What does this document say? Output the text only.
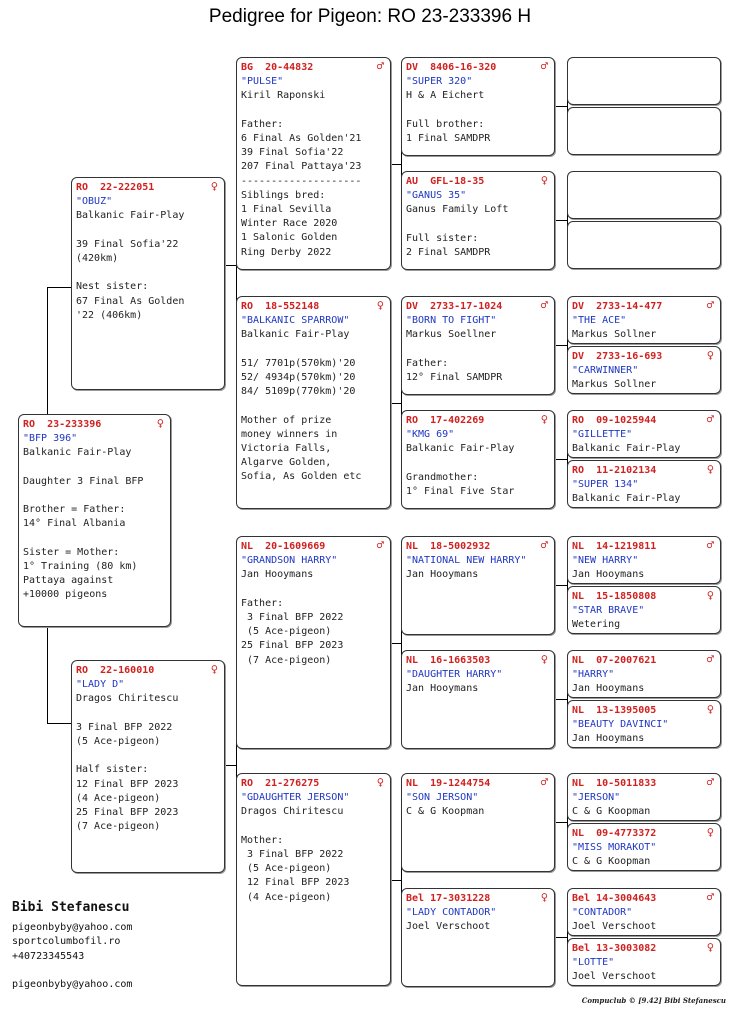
Pedigree for Pigeon: RO 23-233396 H
RO  23-233396	♀
"BFP 396"
Balkanic Fair-Play
Daughter 3 Final BFP
Brother = Father:
14° Final Albania
Sister = Mother:
1° Training (80 km)
Pattaya against
+10000 pigeons
RO  22-222051	♀
"OBUZ"
Balkanic Fair-Play
39 Final Sofia'22
(420km)
Nest sister:
67 Final As Golden
'22 (406km)
RO  22-160010	♀
"LADY D"
Dragos Chiritescu
3 Final BFP 2022
(5 Ace-pigeon)
Half sister:
12 Final BFP 2023
(4 Ace-pigeon)
25 Final BFP 2023
(7 Ace-pigeon)
BG  20-44832	♂
"PULSE"
Kiril Raponski
Father:
6 Final As Golden'21
39 Final Sofia'22
207 Final Pattaya'23
--------------------
Siblings bred:
1 Final Sevilla
Winter Race 2020
1 Salonic Golden
Ring Derby 2022
RO  18-552148	♀
"BALKANIC SPARROW"
Balkanic Fair-Play
51/ 7701p(570km)'20
52/ 4934p(570km)'20
84/ 5109p(770km)'20
Mother of prize
money winners in
Victoria Falls,
Algarve Golden,
Sofia, As Golden etc
NL  20-1609669	♂
"GRANDSON HARRY"
Jan Hooymans
Father:
3 Final BFP 2022
(5 Ace-pigeon)
25 Final BFP 2023
(7 Ace-pigeon)
RO  21-276275	♀
"GDAUGHTER JERSON"
Dragos Chiritescu
Mother:
3 Final BFP 2022
(5 Ace-pigeon)
12 Final BFP 2023
(4 Ace-pigeon)
DV  8406-16-320	♂
"SUPER 320"
H & A Eichert
Full brother:
1 Final SAMDPR
AU  GFL-18-35	♀
"GANUS 35"
Ganus Family Loft
Full sister:
2 Final SAMDPR
DV  2733-17-1024	♂
"BORN TO FIGHT"
Markus Soellner
Father:
12° Final SAMDPR
RO  17-402269	♀
"KMG 69"
Balkanic Fair-Play
Grandmother:
1° Final Five Star
NL  18-5002932	♂
"NATIONAL NEW HARRY"
Jan Hooymans
NL  16-1663503	♀
"DAUGHTER HARRY"
Jan Hooymans
NL  19-1244754	♂
"SON JERSON"
C & G Koopman
Bel 17-3031228	♀
"LADY CONTADOR"
Joel Verschoot
DV  2733-14-477	♂
"THE ACE"
Markus Sollner
DV  2733-16-693	♀
"CARWINNER"
Markus Sollner
RO  09-1025944	♂
"GILLETTE"
Balkanic Fair-Play
RO  11-2102134	♀
"SUPER 134"
Balkanic Fair-Play
NL  14-1219811	♂
"NEW HARRY"
Jan Hooymans
NL  15-1850808	♀
"STAR BRAVE"
Wetering
NL  07-2007621	♂
"HARRY"
Jan Hooymans
NL  13-1395005	♀
"BEAUTY DAVINCI"
Jan Hooymans
NL  10-5011833	♂
"JERSON"
C & G Koopman
NL  09-4773372	♀
"MISS MORAKOT"
C & G Koopman
Bel 14-3004643	♂
"CONTADOR"
Joel Verschoot
Bel 13-3003082	♀
"LOTTE"
Joel Verschoot
Bibi Stefanescu
pigeonbyby@yahoo.com
sportcolumbofil.ro
+40723345543
pigeonbyby@yahoo.com
Compuclub © [9.42] Bibi Stefanescu
